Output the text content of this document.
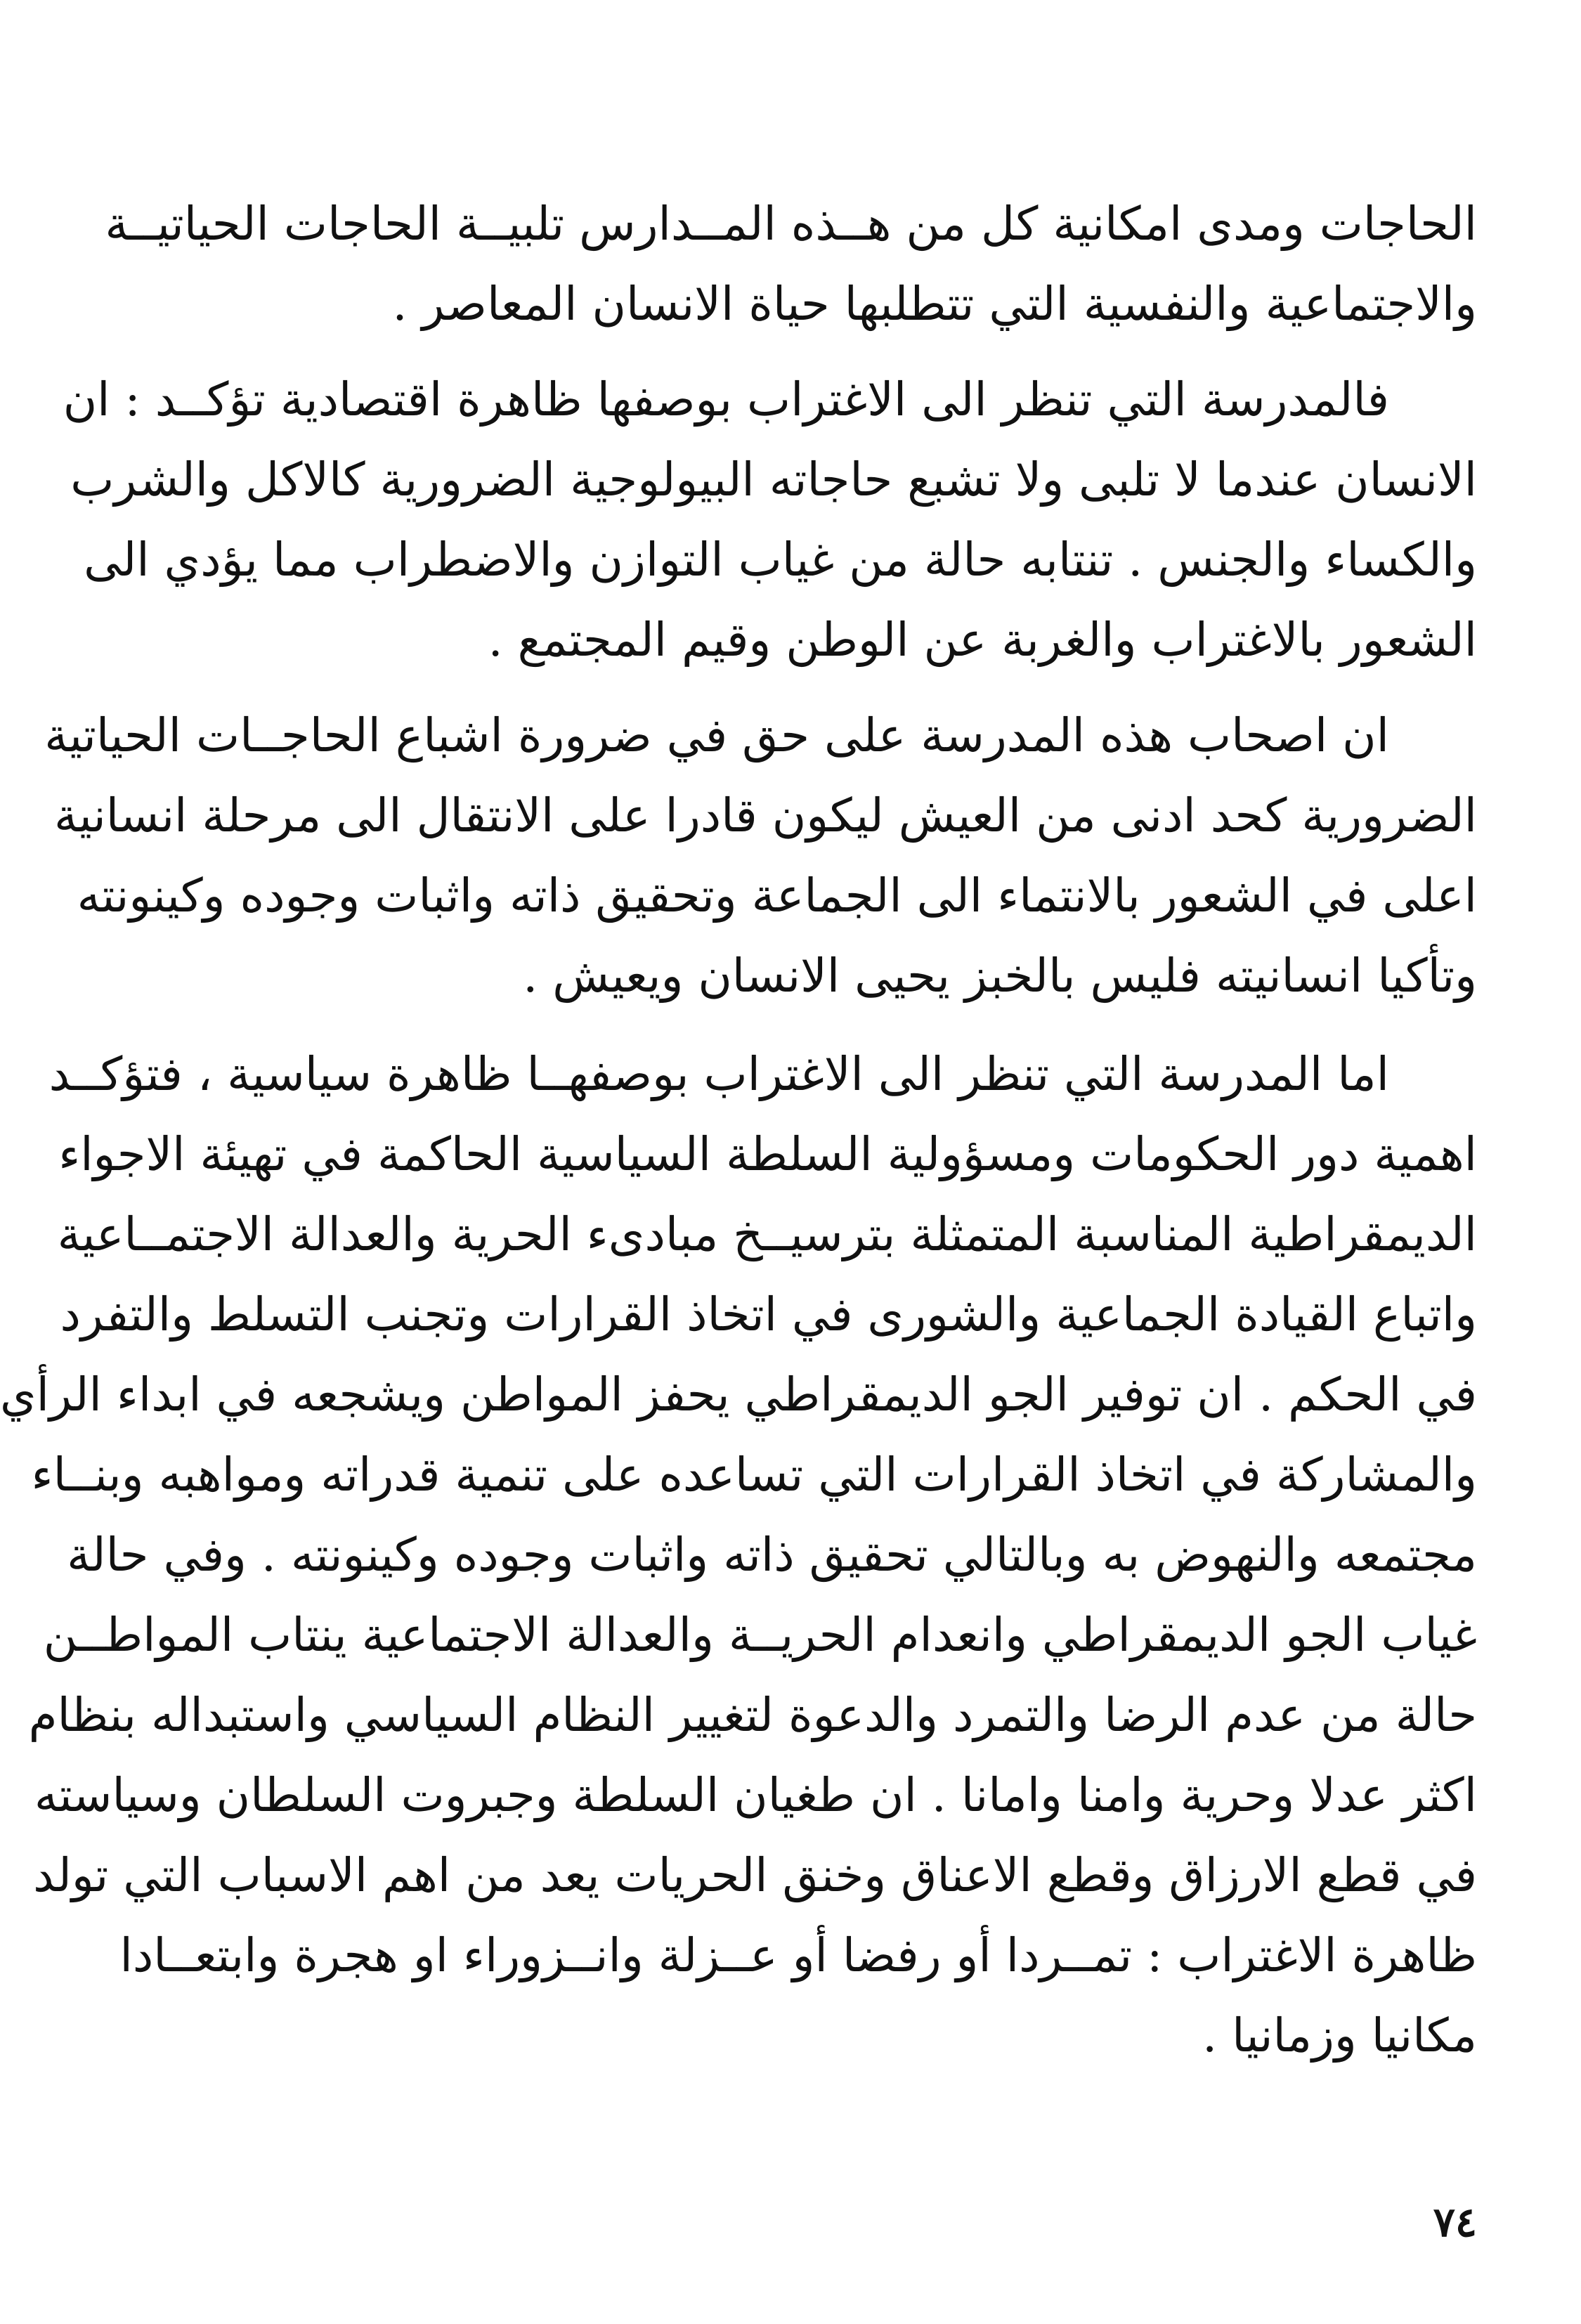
الحاجات ومدى امكانية كل من هــذه المــدارس تلبيــة الحاجات الحياتيــة
والاجتماعية والنفسية التي تتطلبها حياة الانسان المعاصر .
فالمدرسة التي تنظر الى الاغتراب بوصفها ظاهرة اقتصادية تؤكــد : ان
الانسان عندما لا تلبى ولا تشبع حاجاته البيولوجية الضرورية كالاكل والشرب
والكساء والجنس . تنتابه حالة من غياب التوازن والاضطراب مما يؤدي الى
الشعور بالاغتراب والغربة عن الوطن وقيم المجتمع .
ان اصحاب هذه المدرسة على حق في ضرورة اشباع الحاجــات الحياتية
الضرورية كحد ادنى من العيش ليكون قادرا على الانتقال الى مرحلة انسانية
اعلى في الشعور بالانتماء الى الجماعة وتحقيق ذاته واثبات وجوده وكينونته
وتأكيا انسانيته فليس بالخبز يحيى الانسان ويعيش .
اما المدرسة التي تنظر الى الاغتراب بوصفهــا ظاهرة سياسية ، فتؤكــد
اهمية دور الحكومات ومسؤولية السلطة السياسية الحاكمة في تهيئة الاجواء
الديمقراطية المناسبة المتمثلة بترسيــخ مبادىء الحرية والعدالة الاجتمــاعية
واتباع القيادة الجماعية والشورى في اتخاذ القرارات وتجنب التسلط والتفرد
في الحكم . ان توفير الجو الديمقراطي يحفز المواطن ويشجعه في ابداء الرأي
والمشاركة في اتخاذ القرارات التي تساعده على تنمية قدراته ومواهبه وبنــاء
مجتمعه والنهوض به وبالتالي تحقيق ذاته واثبات وجوده وكينونته . وفي حالة
غياب الجو الديمقراطي وانعدام الحريــة والعدالة الاجتماعية ينتاب المواطــن
حالة من عدم الرضا والتمرد والدعوة لتغيير النظام السياسي واستبداله بنظام
اكثر عدلا وحرية وامنا وامانا . ان طغيان السلطة وجبروت السلطان وسياسته
في قطع الارزاق وقطع الاعناق وخنق الحريات يعد من اهم الاسباب التي تولد
ظاهرة الاغتراب : تمــردا أو رفضا أو عــزلة وانــزوراء او هجرة وابتعــادا
مكانيا وزمانيا .
٧٤
